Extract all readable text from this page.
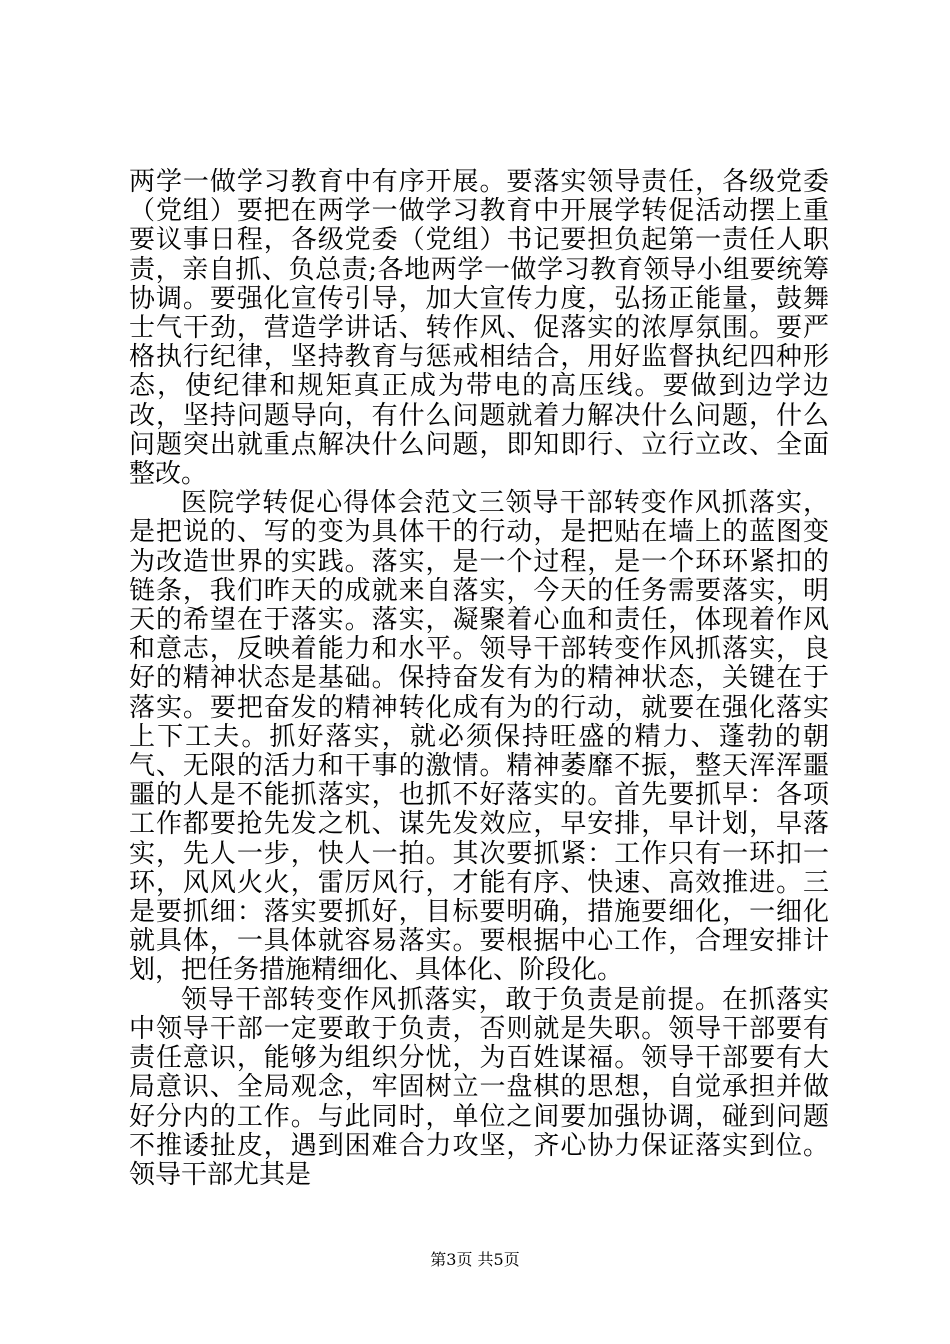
两学一做学习教育中有序开展。要落实领导责任，各级党委（党组）要把在两学一做学习教育中开展学转促活动摆上重要议事日程，各级党委（党组）书记要担负起第一责任人职责，亲自抓、负总责;各地两学一做学习教育领导小组要统筹协调。要强化宣传引导，加大宣传力度，弘扬正能量，鼓舞士气干劲，营造学讲话、转作风、促落实的浓厚氛围。要严格执行纪律，坚持教育与惩戒相结合，用好监督执纪四种形态，使纪律和规矩真正成为带电的高压线。要做到边学边改，坚持问题导向，有什么问题就着力解决什么问题，什么问题突出就重点解决什么问题，即知即行、立行立改、全面整改。

医院学转促心得体会范文三领导干部转变作风抓落实，是把说的、写的变为具体干的行动，是把贴在墙上的蓝图变为改造世界的实践。落实，是一个过程，是一个环环紧扣的链条，我们昨天的成就来自落实，今天的任务需要落实，明天的希望在于落实。落实，凝聚着心血和责任，体现着作风和意志，反映着能力和水平。领导干部转变作风抓落实，良好的精神状态是基础。保持奋发有为的精神状态，关键在于落实。要把奋发的精神转化成有为的行动，就要在强化落实上下工夫。抓好落实，就必须保持旺盛的精力、蓬勃的朝气、无限的活力和干事的激情。精神萎靡不振，整天浑浑噩噩的人是不能抓落实，也抓不好落实的。首先要抓早：各项工作都要抢先发之机、谋先发效应，早安排，早计划，早落实，先人一步，快人一拍。其次要抓紧：工作只有一环扣一环，风风火火，雷厉风行，才能有序、快速、高效推进。三是要抓细：落实要抓好，目标要明确，措施要细化，一细化就具体，一具体就容易落实。要根据中心工作，合理安排计划，把任务措施精细化、具体化、阶段化。

领导干部转变作风抓落实，敢于负责是前提。在抓落实中领导干部一定要敢于负责，否则就是失职。领导干部要有责任意识，能够为组织分忧，为百姓谋福。领导干部要有大局意识、全局观念，牢固树立一盘棋的思想，自觉承担并做好分内的工作。与此同时，单位之间要加强协调，碰到问题不推诿扯皮，遇到困难合力攻坚，齐心协力保证落实到位。领导干部尤其是

第3页 共5页
